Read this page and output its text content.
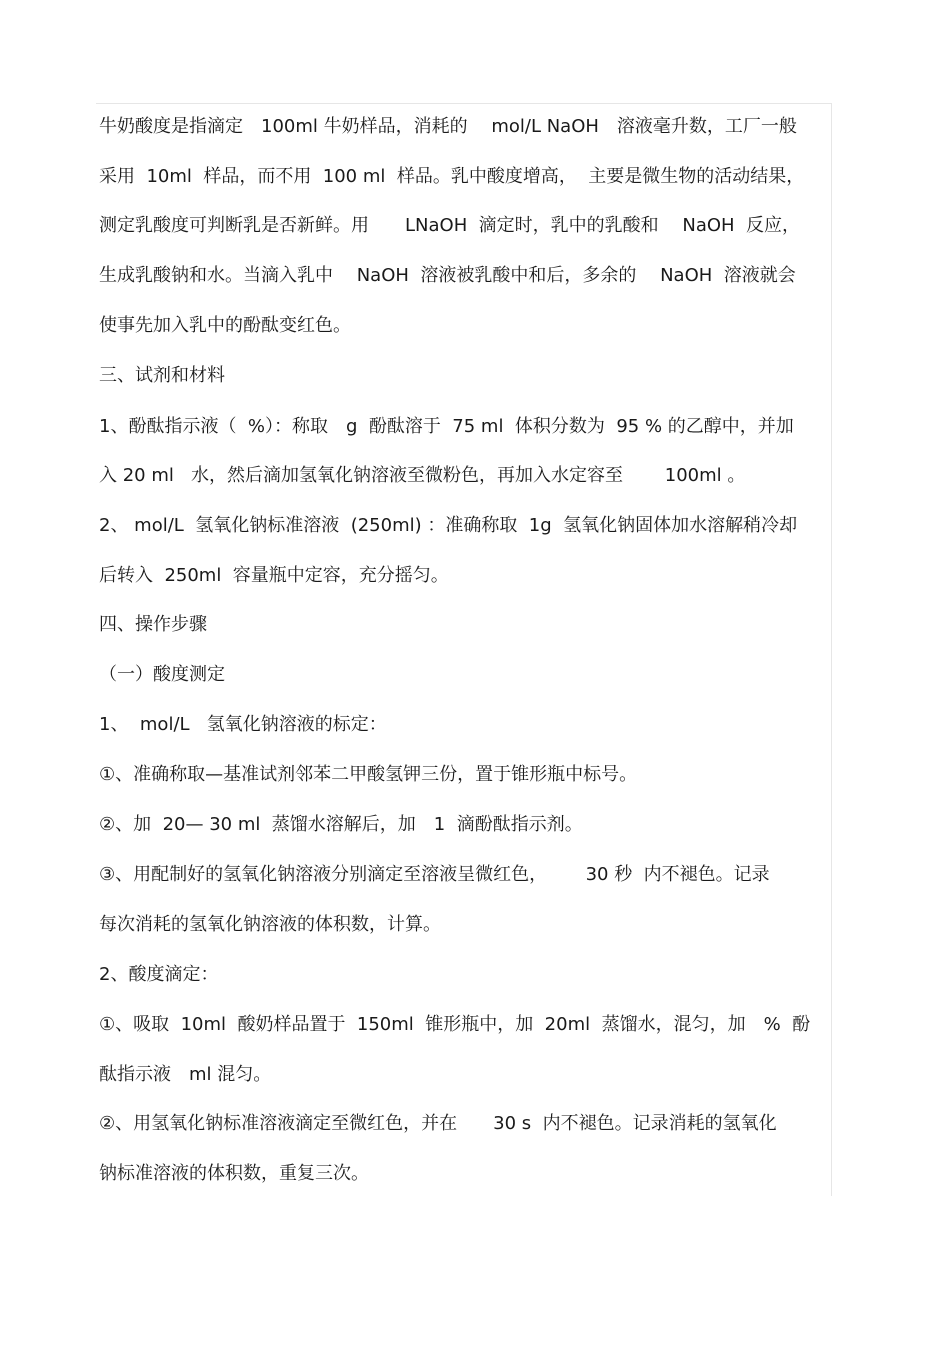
牛奶酸度是指滴定　100ml 牛奶样品，消耗的　 mol/L NaOH　溶液毫升数，工厂一般
采用  10ml  样品，而不用  100 ml  样品。乳中酸度增高，  主要是微生物的活动结果，
测定乳酸度可判断乳是否新鲜。用　　LNaOH  滴定时，乳中的乳酸和　 NaOH  反应，
生成乳酸钠和水。当滴入乳中　 NaOH  溶液被乳酸中和后，多余的　 NaOH  溶液就会
使事先加入乳中的酚酞变红色。
三、试剂和材料
1、酚酞指示液（  %）：称取　g  酚酞溶于  75 ml  体积分数为  95 % 的乙醇中，并加
入 20 ml   水，然后滴加氢氧化钠溶液至微粉色，再加入水定容至　　 100ml 。
2、 mol/L  氢氧化钠标准溶液  (250ml) ：准确称取  1g  氢氧化钠固体加水溶解稍冷却
后转入  250ml  容量瓶中定容，充分摇匀。
四、操作步骤
（一）酸度测定
1、  mol/L   氢氧化钠溶液的标定：
①、准确称取—基准试剂邻苯二甲酸氢钾三份，置于锥形瓶中标号。
②、加  20— 30 ml  蒸馏水溶解后，加　1  滴酚酞指示剂。
③、用配制好的氢氧化钠溶液分别滴定至溶液呈微红色，　　  30 秒  内不褪色。记录
每次消耗的氢氧化钠溶液的体积数，计算。
2、酸度滴定：
①、吸取  10ml  酸奶样品置于  150ml  锥形瓶中，加  20ml  蒸馏水，混匀，加　%  酚
酞指示液　ml 混匀。
②、用氢氧化钠标准溶液滴定至微红色，并在　　30 s  内不褪色。记录消耗的氢氧化
钠标准溶液的体积数，重复三次。
